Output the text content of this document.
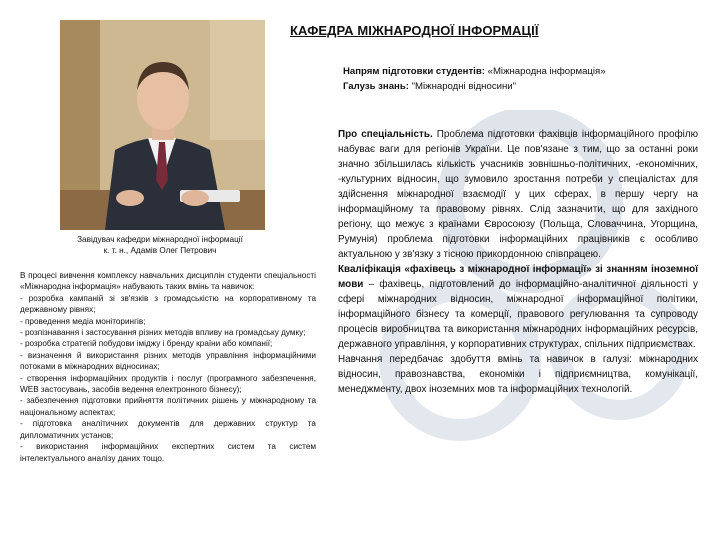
КАФЕДРА МІЖНАРОДНОЇ ІНФОРМАЦІЇ
Напрям підготовки студентів: «Міжнародна інформація»
Галузь знань: "Міжнародні відносини"
Завідувач кафедри міжнародної інформації
к. т. н., Адамів Олег Петрович

В процесі вивчення комплексу навчальних дисциплін студенти спеціальності «Міжнародна інформація» набувають таких вмінь та навичок:

- розробка кампаній зі зв'язків з громадськістю на корпоративному та державному рівнях;

- проведення медіа моніторингів;

- розпізнавання і застосування різних методів впливу на громадську думку;

- розробка стратегій побудови іміджу і бренду країни або компанії;

- визначення й використання різних методів управління інформаційними потоками в міжнародних відносинах;

- створення інформаційних продуктів і послуг (програмного забезпечення, WEB застосувань, засобів ведення електронного бізнесу);

- забезпечення підготовки прийняття політичних рішень у міжнародному та національному аспектах;

- підготовка аналітичних документів для державних структур та дипломатичних установ;

- використання інформаційних експертних систем та систем інтелектуального аналізу даних тощо.

Про спеціальність. Проблема підготовки фахівців інформаційного профілю набуває ваги для регіонів України. Це пов'язане з тим, що за останні роки значно збільшилась кількість учасників зовнішньо-політичних, -економічних, -культурних відносин, що зумовило зростання потреби у спеціалістах для здійснення міжнародної взаємодії у цих сферах, в першу чергу на інформаційному та правовому рівнях. Слід зазначити, що для західного регіону, що межує з країнами Євросоюзу (Польща, Словаччина, Угорщина, Румунія) проблема підготовки інформаційних працівників є особливо актуальною у зв'язку з тісною прикордонною співпрацею.

Кваліфікація «фахівець з міжнародної інформації» зі знанням іноземної мови – фахівець, підготовлений до інформаційно-аналітичної діяльності у сфері міжнародних відносин, міжнародної інформаційної політики, інформаційного бізнесу та комерції, правового регулювання та супроводу процесів виробництва та використання міжнародних інформаційних ресурсів, державного управління, у корпоративних структурах, спільних підприємствах.

Навчання передбачає здобуття вмінь та навичок в галузі: міжнародних відносин, правознавства, економіки і підприємництва, комунікації, менеджменту, двох іноземних мов та інформаційних технологій.
